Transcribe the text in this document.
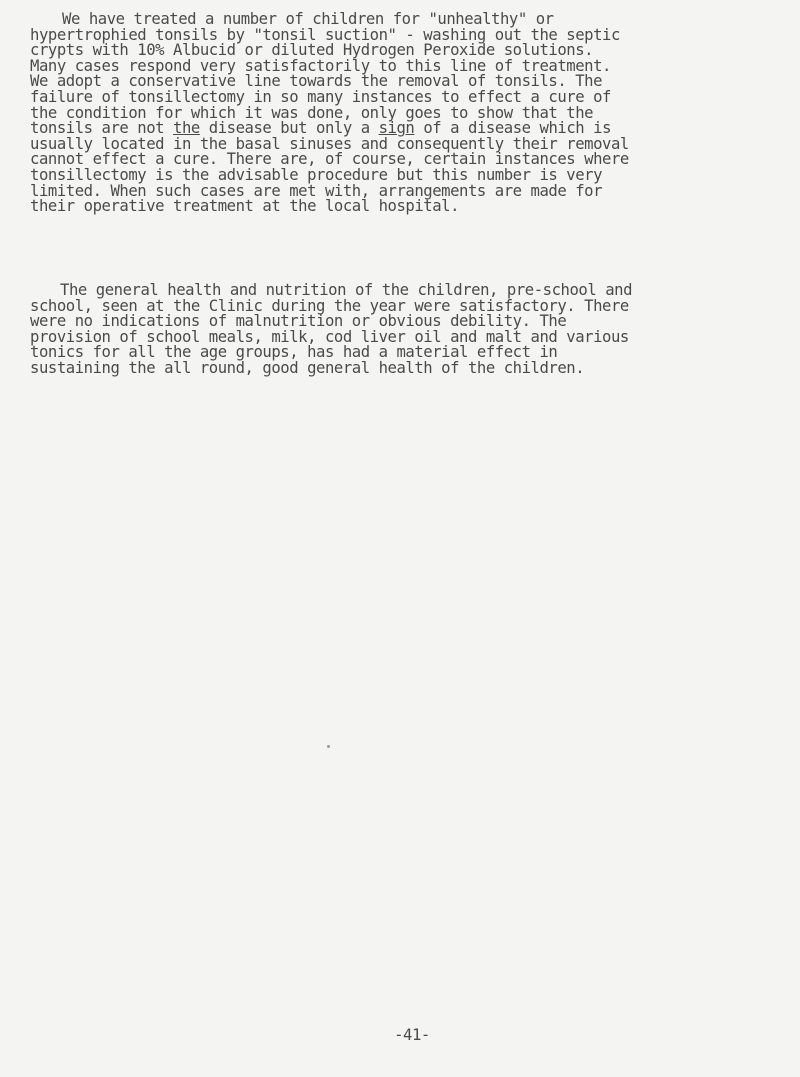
We have treated a number of children for "unhealthy" or
hypertrophied tonsils by "tonsil suction" - washing out the septic
crypts with 10% Albucid or diluted Hydrogen Peroxide solutions.
Many cases respond very satisfactorily to this line of treatment.
We adopt a conservative line towards the removal of tonsils. The
failure of tonsillectomy in so many instances to effect a cure of
the condition for which it was done, only goes to show that the
tonsils are not the disease but only a sign of a disease which is
usually located in the basal sinuses and consequently their removal
cannot effect a cure. There are, of course, certain instances where
tonsillectomy is the advisable procedure but this number is very
limited. When such cases are met with, arrangements are made for
their operative treatment at the local hospital.
The general health and nutrition of the children, pre-school and
school, seen at the Clinic during the year were satisfactory. There
were no indications of malnutrition or obvious debility. The
provision of school meals, milk, cod liver oil and malt and various
tonics for all the age groups, has had a material effect in
sustaining the all round, good general health of the children.
-41-
